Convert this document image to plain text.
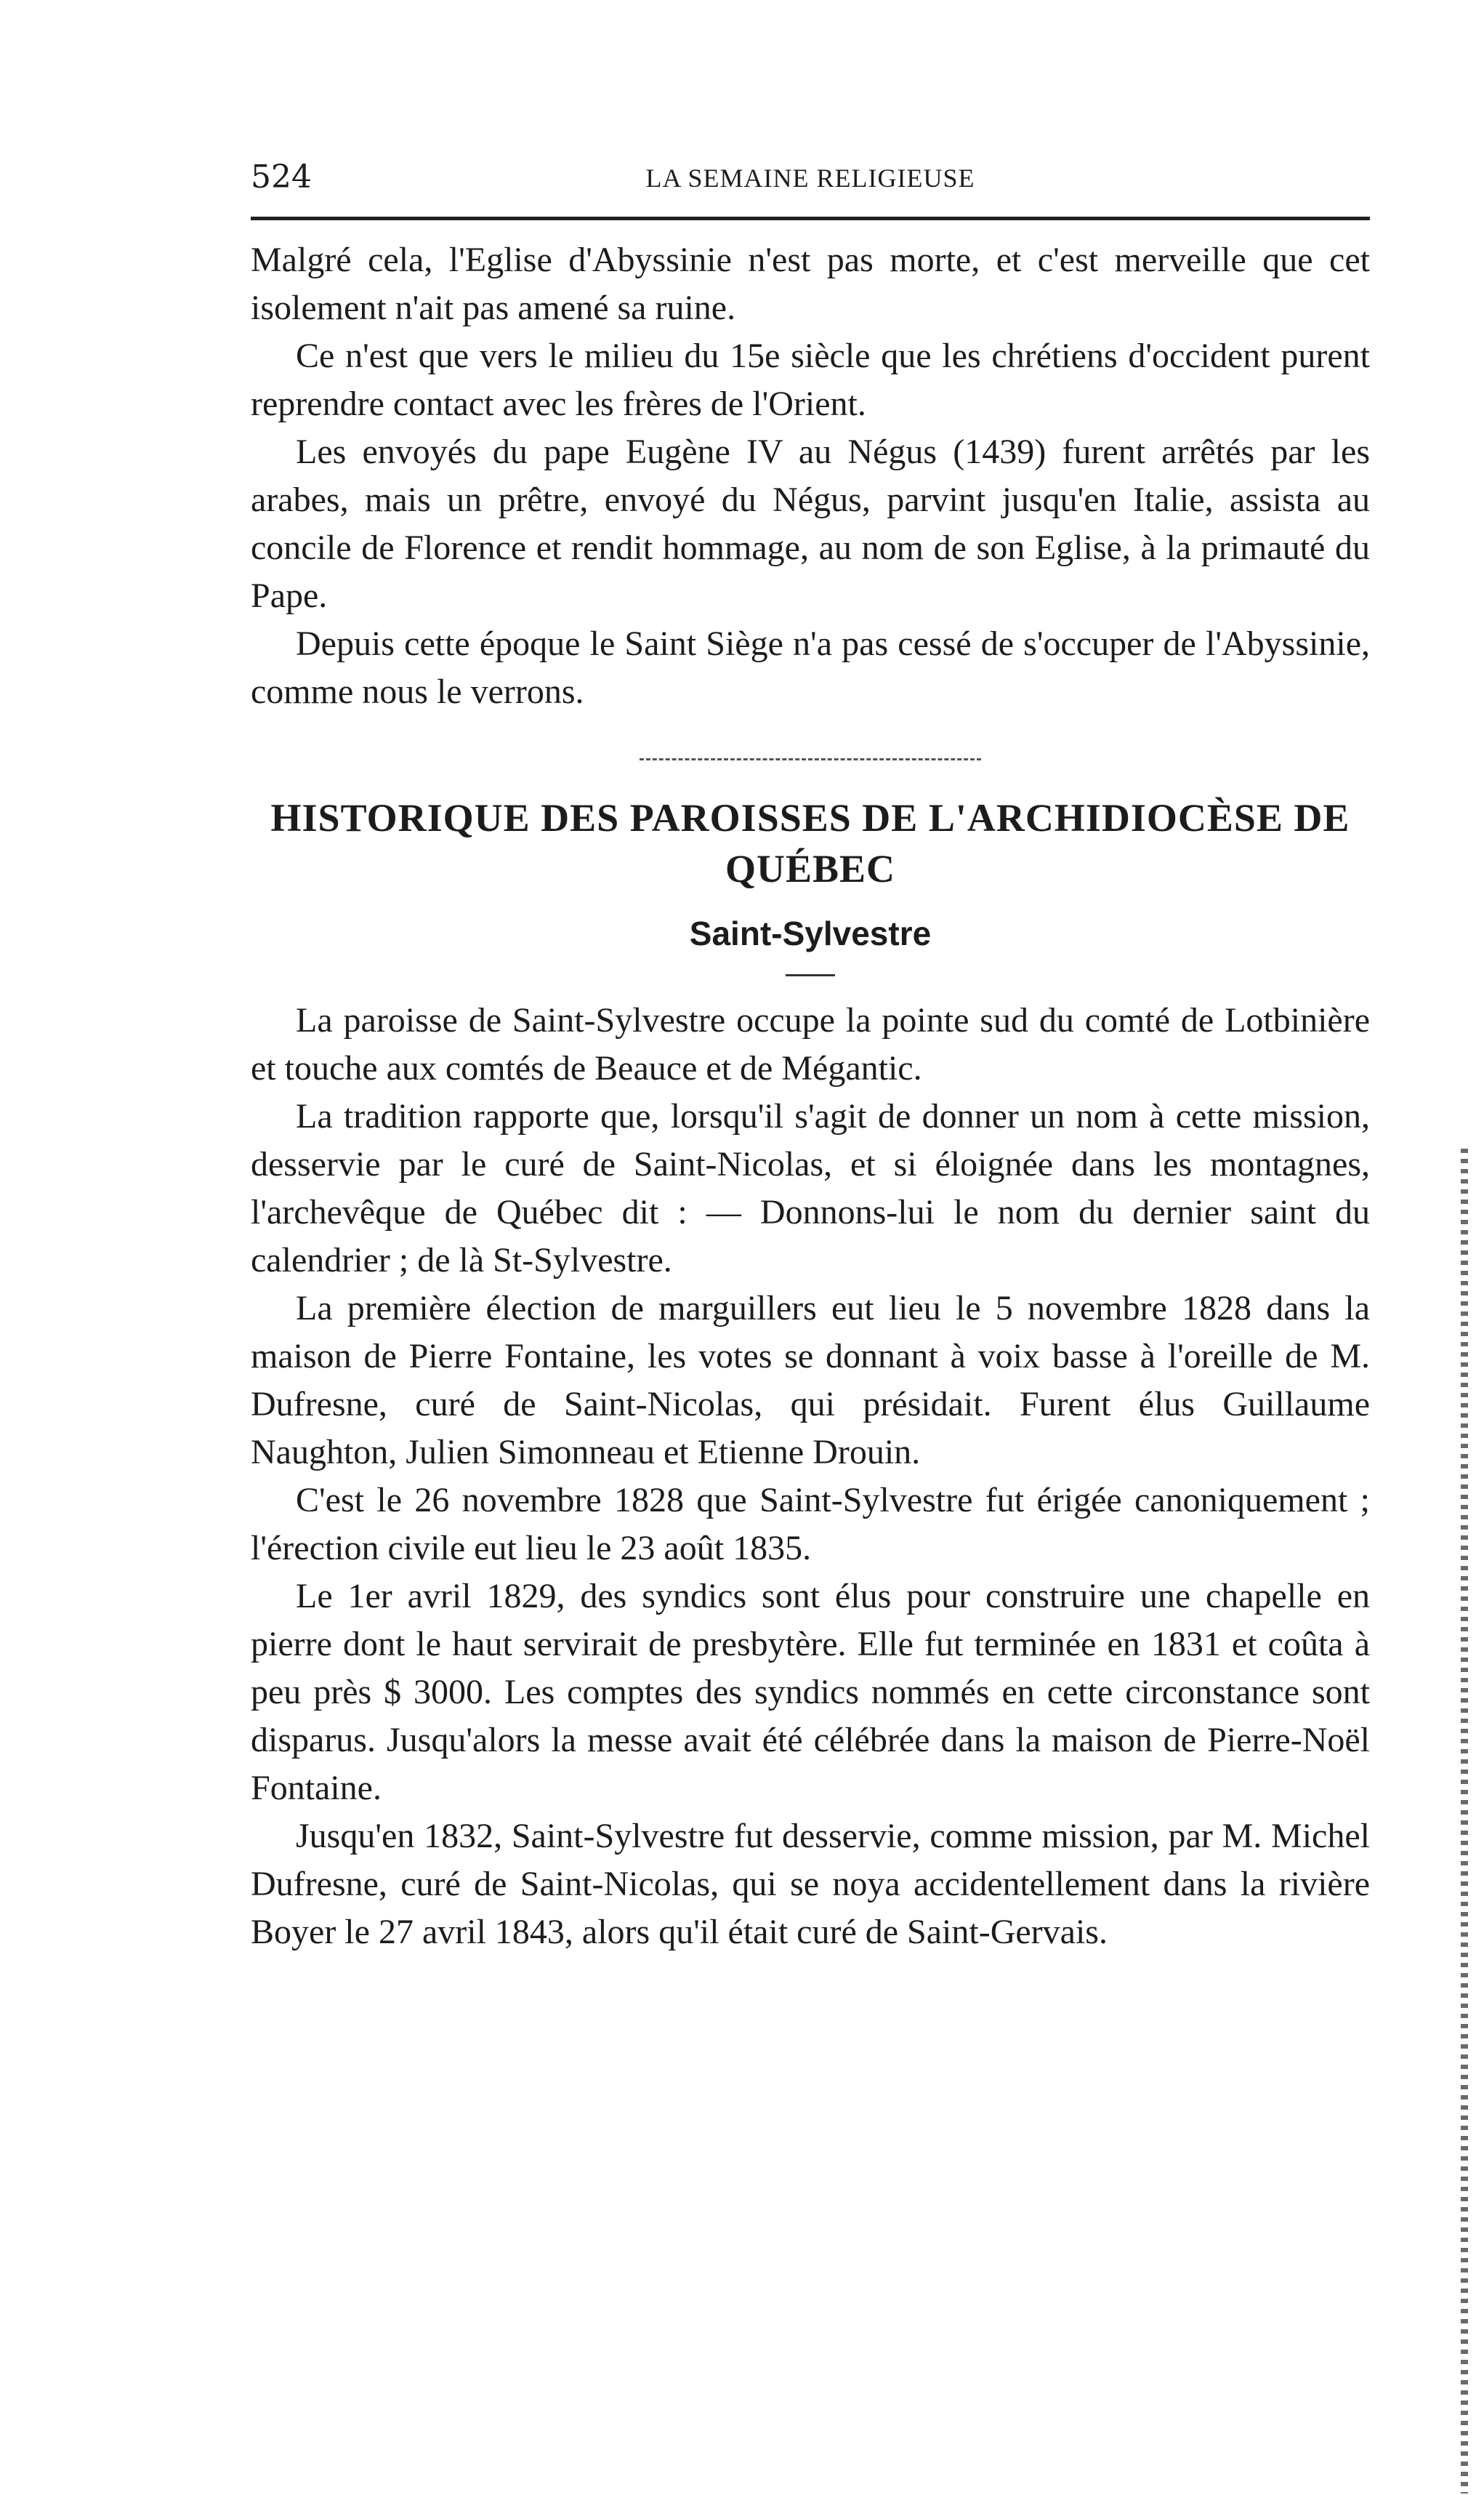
524	LA SEMAINE RELIGIEUSE

Malgré cela, l'Eglise d'Abyssinie n'est pas morte, et c'est merveille que cet isolement n'ait pas amené sa ruine.

Ce n'est que vers le milieu du 15e siècle que les chrétiens d'occident purent reprendre contact avec les frères de l'Orient.

Les envoyés du pape Eugène IV au Négus (1439) furent arrêtés par les arabes, mais un prêtre, envoyé du Négus, parvint jusqu'en Italie, assista au concile de Florence et rendit hommage, au nom de son Eglise, à la primauté du Pape.

Depuis cette époque le Saint Siège n'a pas cessé de s'occuper de l'Abyssinie, comme nous le verrons.

HISTORIQUE DES PAROISSES DE L'ARCHIDIOCÈSE DE QUÉBEC
Saint-Sylvestre

La paroisse de Saint-Sylvestre occupe la pointe sud du comté de Lotbinière et touche aux comtés de Beauce et de Mégantic.

La tradition rapporte que, lorsqu'il s'agit de donner un nom à cette mission, desservie par le curé de Saint-Nicolas, et si éloignée dans les montagnes, l'archevêque de Québec dit : — Donnons-lui le nom du dernier saint du calendrier ; de là St-Sylvestre.

La première élection de marguillers eut lieu le 5 novembre 1828 dans la maison de Pierre Fontaine, les votes se donnant à voix basse à l'oreille de M. Dufresne, curé de Saint-Nicolas, qui présidait. Furent élus Guillaume Naughton, Julien Simonneau et Etienne Drouin.

C'est le 26 novembre 1828 que Saint-Sylvestre fut érigée canoniquement ; l'érection civile eut lieu le 23 août 1835.

Le 1er avril 1829, des syndics sont élus pour construire une chapelle en pierre dont le haut servirait de presbytère. Elle fut terminée en 1831 et coûta à peu près $ 3000. Les comptes des syndics nommés en cette circonstance sont disparus. Jusqu'alors la messe avait été célébrée dans la maison de Pierre-Noël Fontaine.

Jusqu'en 1832, Saint-Sylvestre fut desservie, comme mission, par M. Michel Dufresne, curé de Saint-Nicolas, qui se noya accidentellement dans la rivière Boyer le 27 avril 1843, alors qu'il était curé de Saint-Gervais.
